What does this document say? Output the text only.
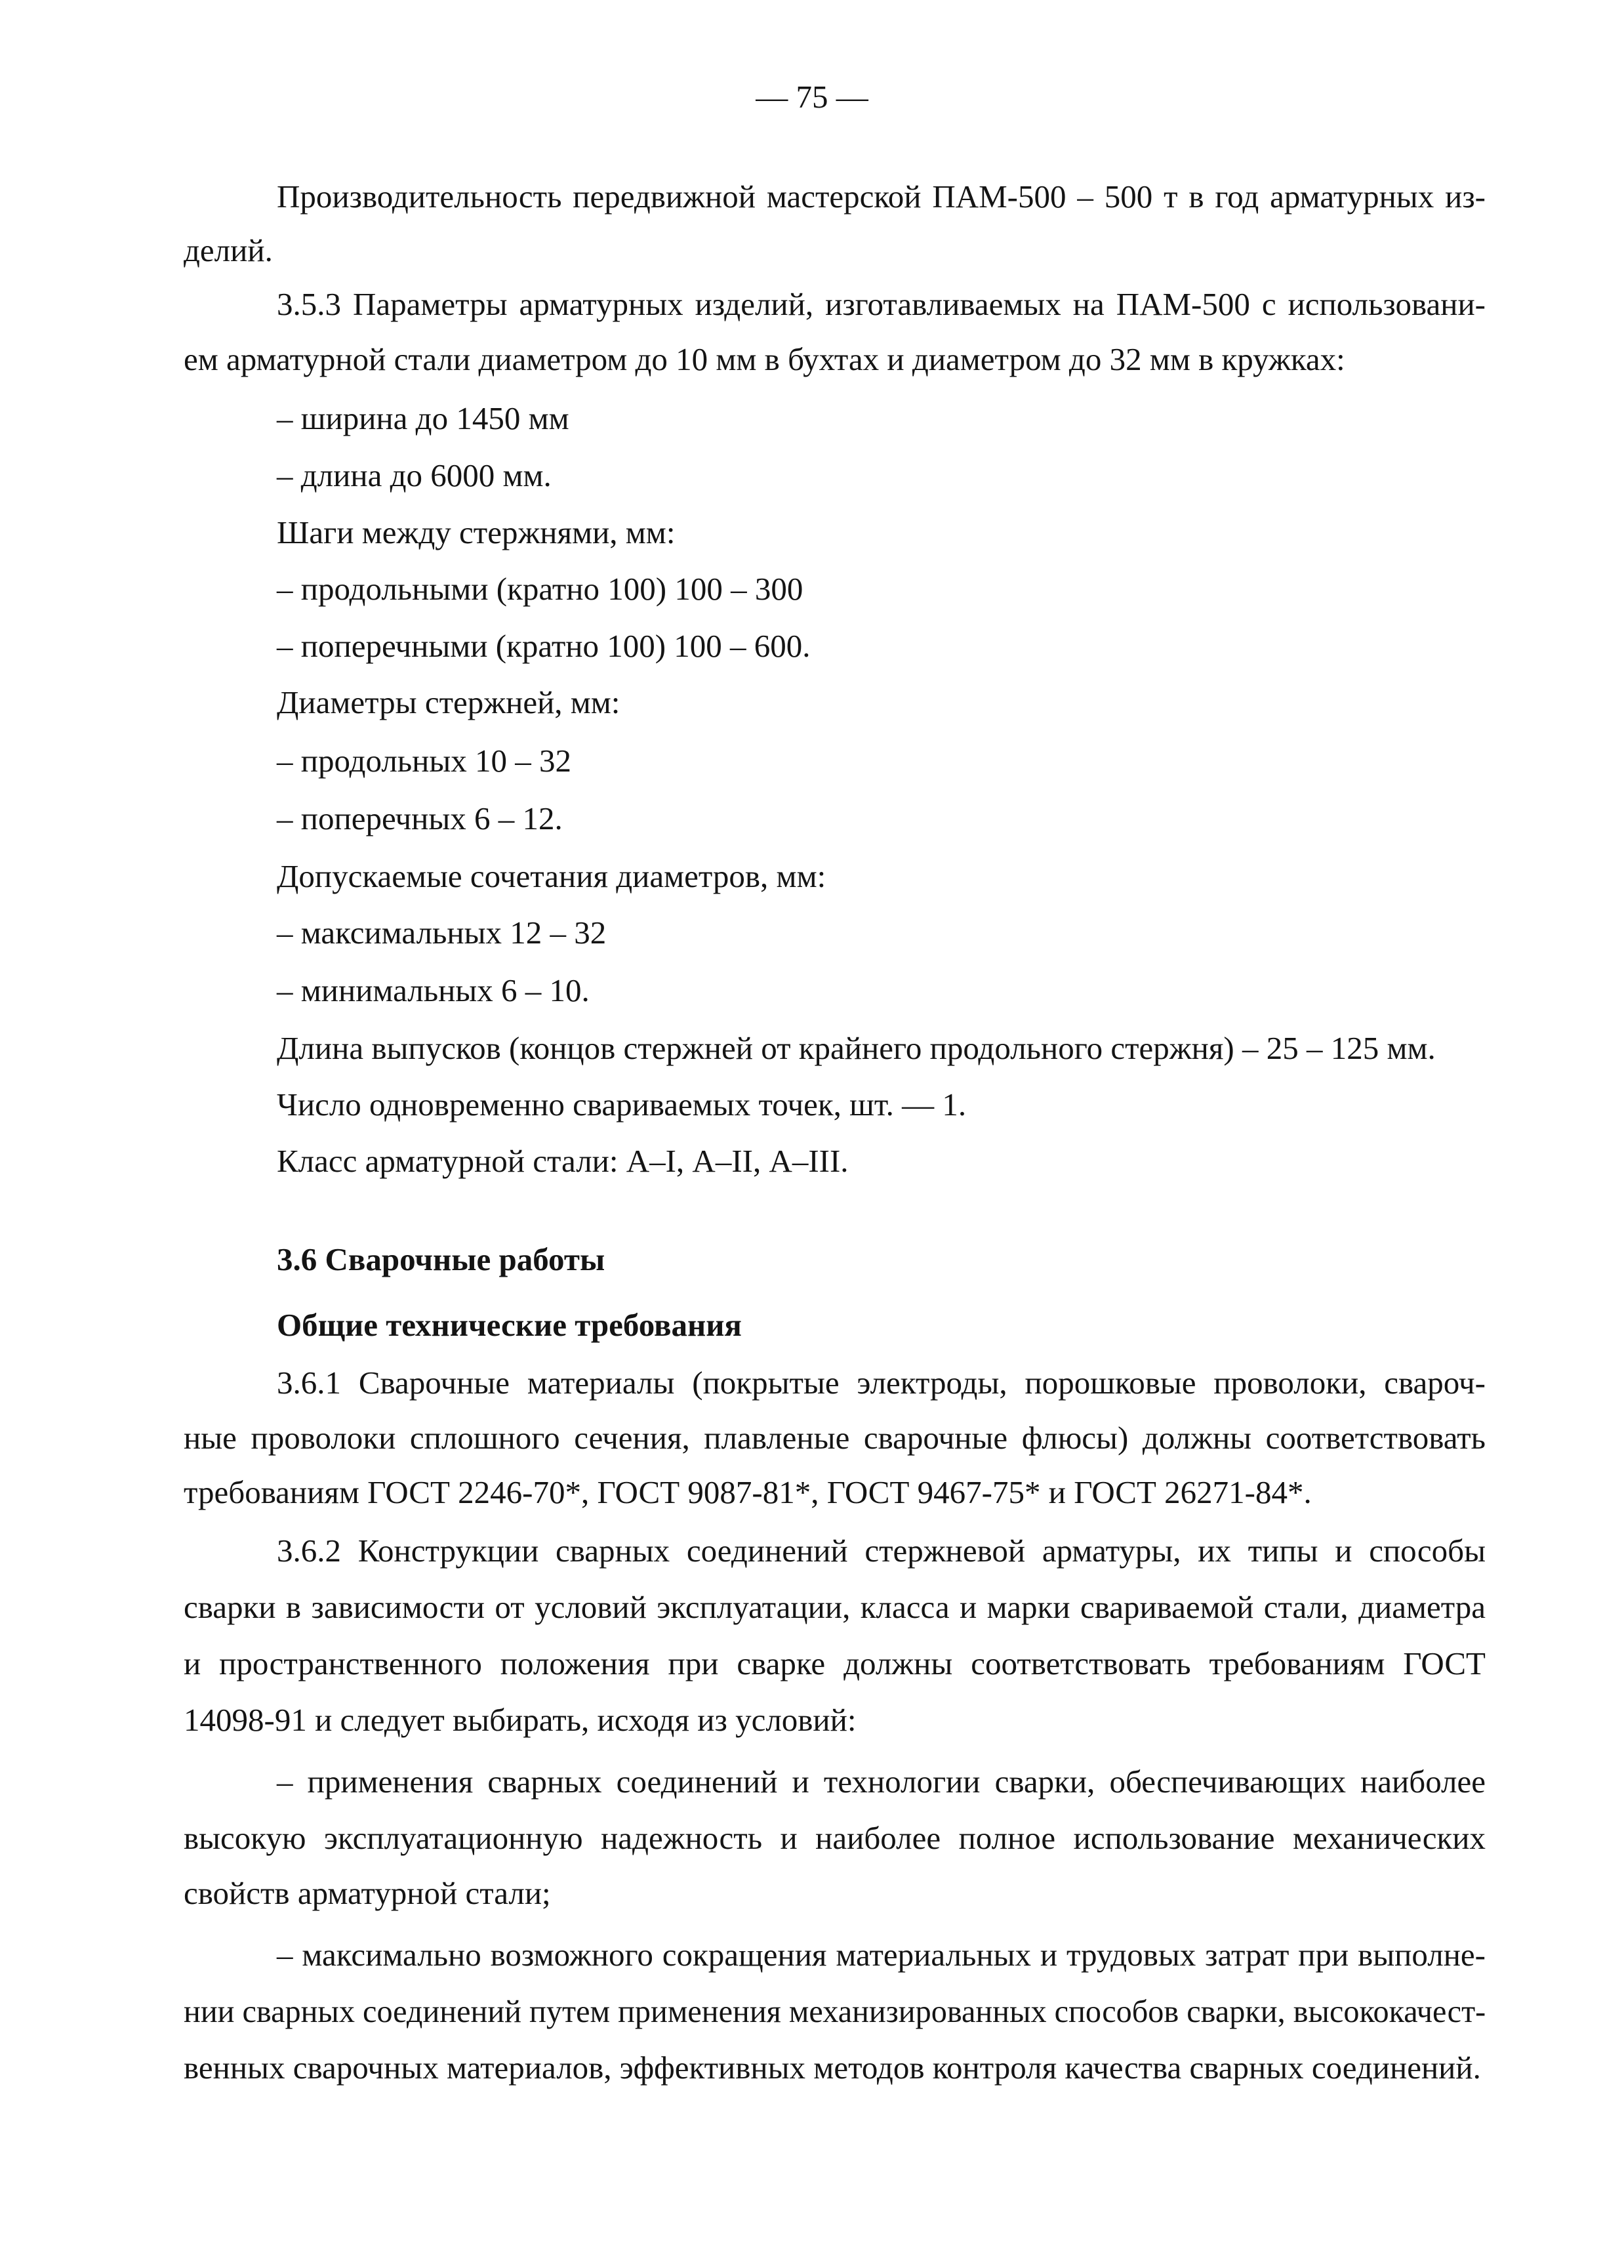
— 75 —
Производительность передвижной мастерской ПАМ-500 – 500 т в год арматурных из-
делий.
3.5.3 Параметры арматурных изделий, изготавливаемых на ПАМ-500 с использовани-
ем арматурной стали диаметром до 10 мм в бухтах и диаметром до 32 мм в кружках:
– ширина до 1450 мм
– длина до 6000 мм.
Шаги между стержнями, мм:
– продольными (кратно 100) 100 – 300
– поперечными (кратно 100) 100 – 600.
Диаметры стержней, мм:
– продольных 10 – 32
– поперечных 6 – 12.
Допускаемые сочетания диаметров, мм:
– максимальных 12 – 32
– минимальных 6 – 10.
Длина выпусков (концов стержней от крайнего продольного стержня) – 25 – 125 мм.
Число одновременно свариваемых точек, шт. — 1.
Класс арматурной стали: А–I, А–II, А–III.
3.6 Сварочные работы
Общие технические требования
3.6.1 Сварочные материалы (покрытые электроды, порошковые проволоки, свароч-
ные проволоки сплошного сечения, плавленые сварочные флюсы) должны соответствовать
требованиям ГОСТ 2246-70*, ГОСТ 9087-81*, ГОСТ 9467-75* и ГОСТ 26271-84*.
3.6.2 Конструкции сварных соединений стержневой арматуры, их типы и способы
сварки в зависимости от условий эксплуатации, класса и марки свариваемой стали, диаметра
и пространственного положения при сварке должны соответствовать требованиям ГОСТ
14098-91 и следует выбирать, исходя из условий:
– применения сварных соединений и технологии сварки, обеспечивающих наиболее
высокую эксплуатационную надежность и наиболее полное использование механических
свойств арматурной стали;
– максимально возможного сокращения материальных и трудовых затрат при выполне-
нии сварных соединений путем применения механизированных способов сварки, высококачест-
венных сварочных материалов, эффективных методов контроля качества сварных соединений.
